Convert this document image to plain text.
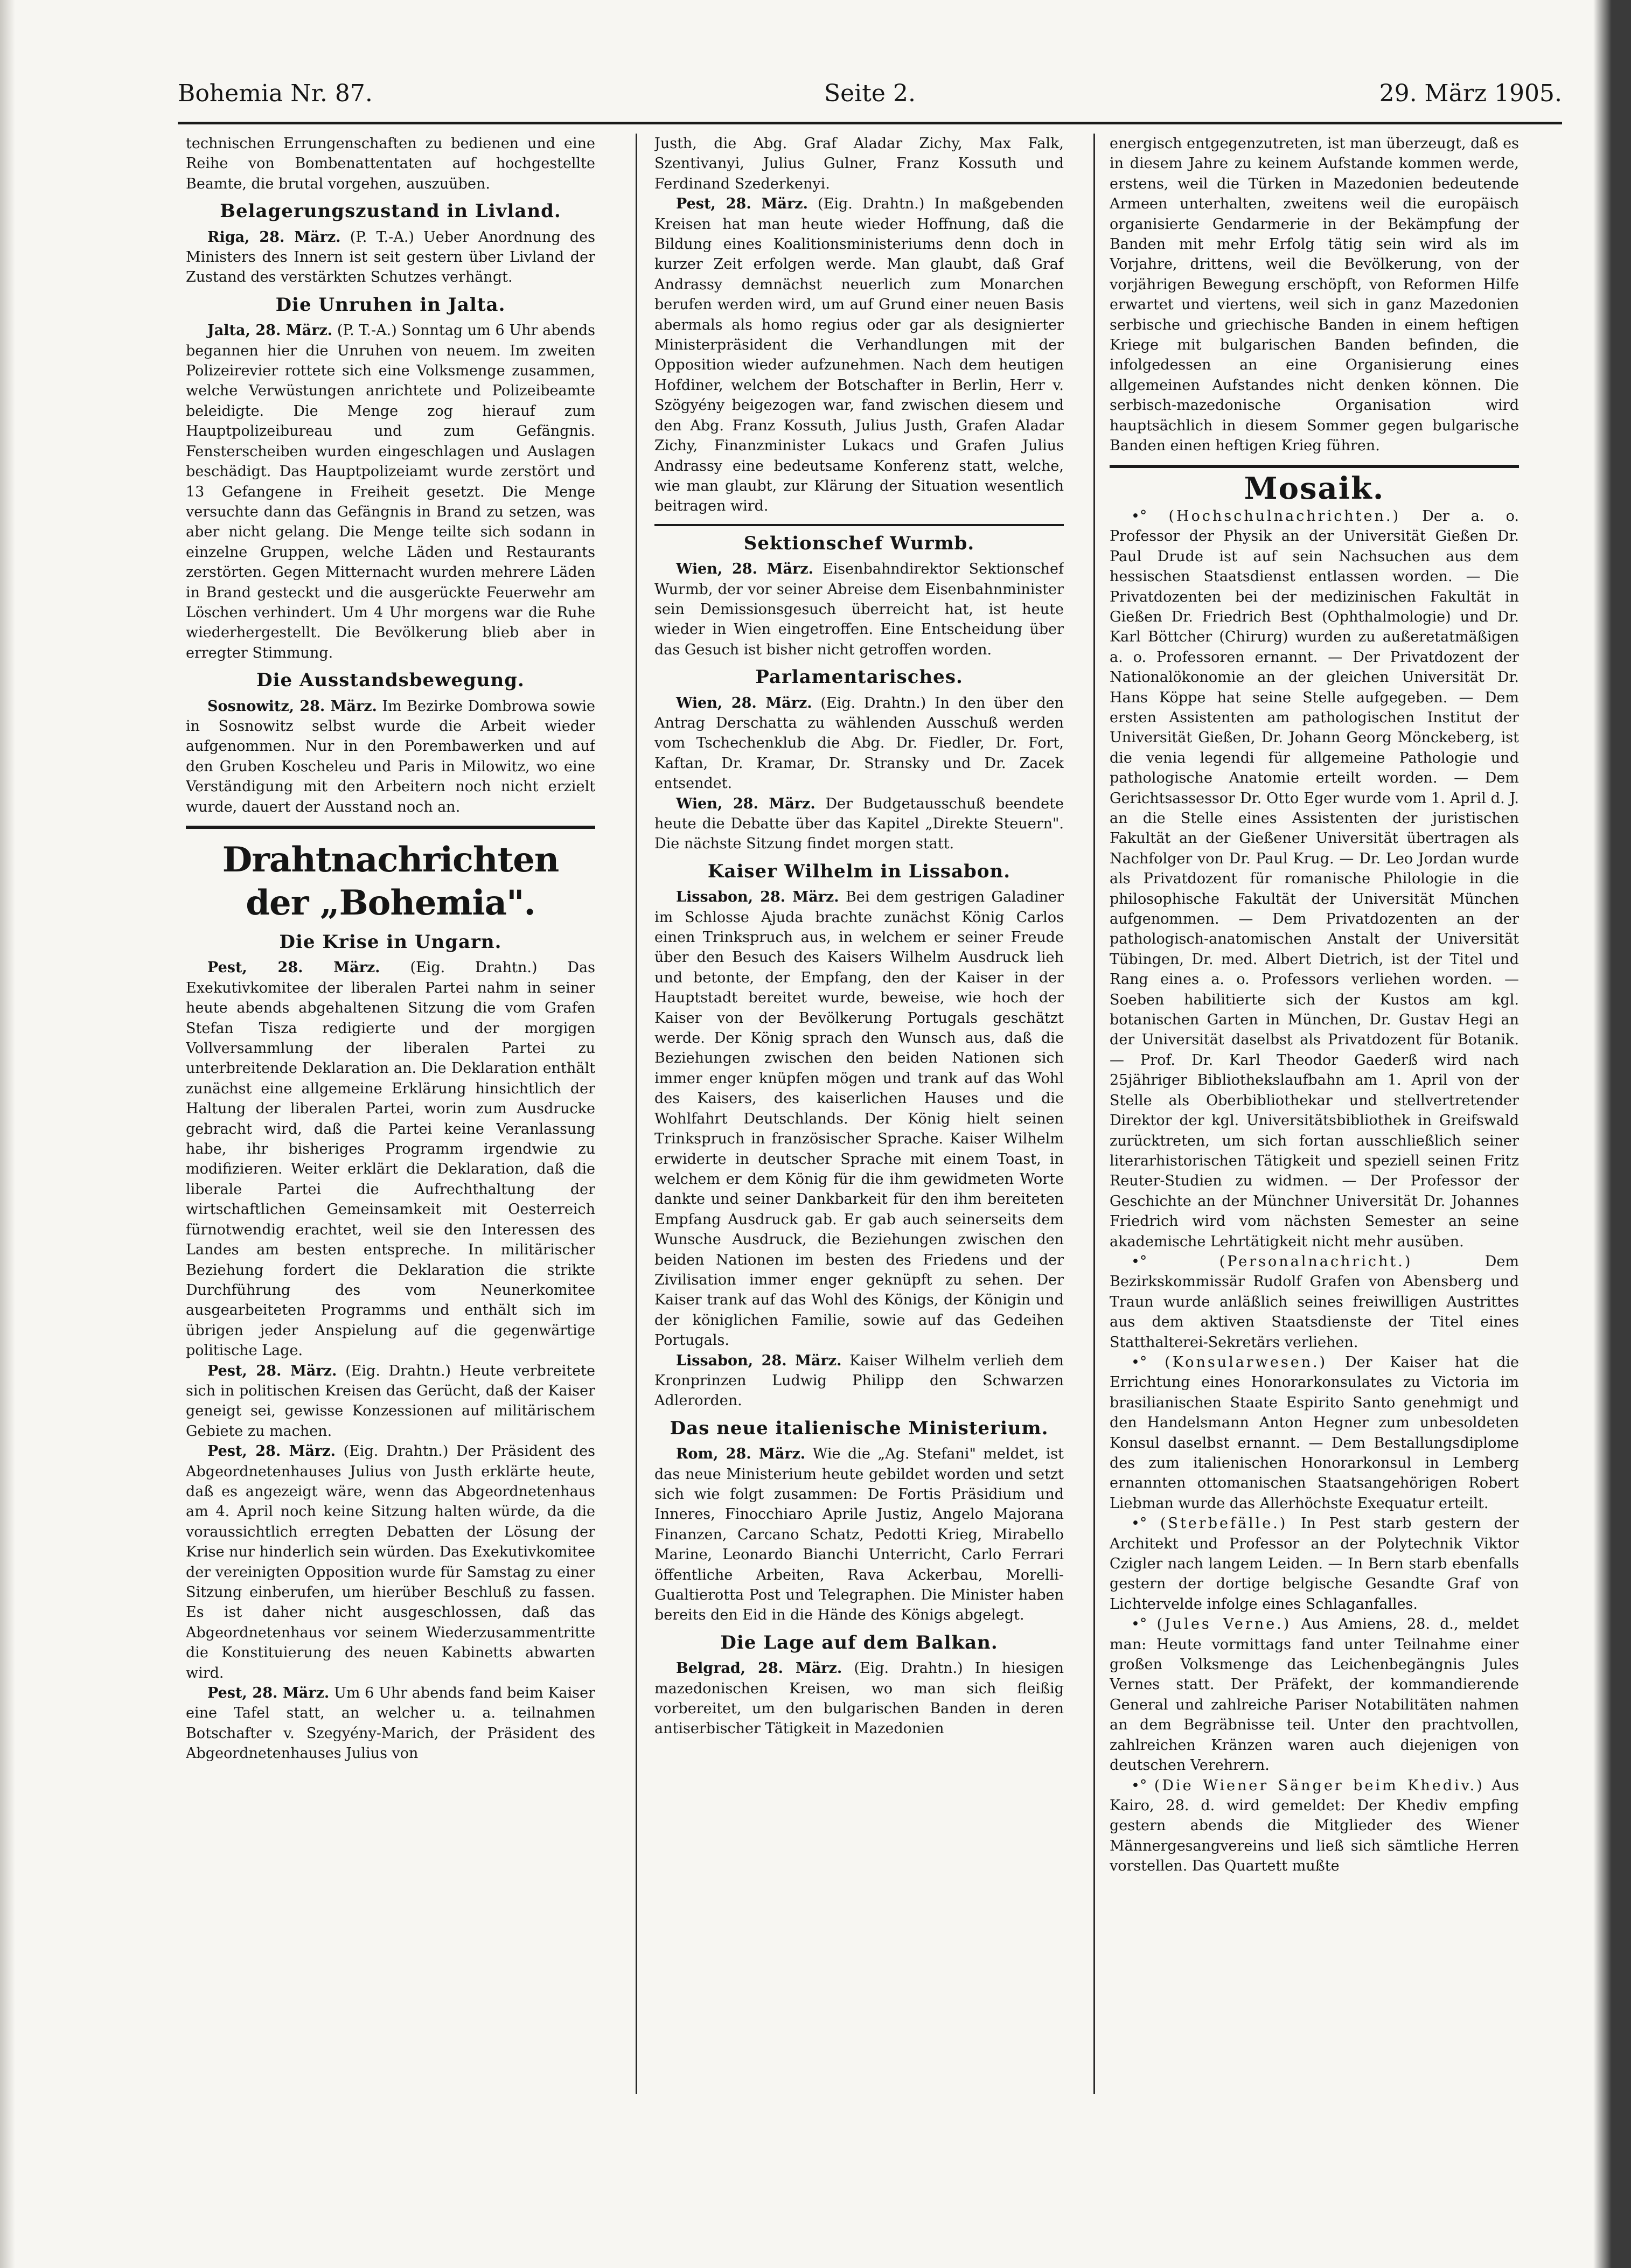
Bohemia Nr. 87.	Seite 2.	29. März 1905.

technischen Errungenschaften zu bedienen und eine Reihe von Bombenattentaten auf hochgestellte Beamte, die brutal vorgehen, auszuüben.

Belagerungszustand in Livland.

Riga, 28. März. (P. T.-A.) Ueber Anordnung des Ministers des Innern ist seit gestern über Livland der Zustand des verstärkten Schutzes verhängt.

Die Unruhen in Jalta.

Jalta, 28. März. (P. T.-A.) Sonntag um 6 Uhr abends begannen hier die Unruhen von neuem. Im zweiten Polizeirevier rottete sich eine Volksmenge zusammen, welche Verwüstungen anrichtete und Polizeibeamte beleidigte. Die Menge zog hierauf zum Hauptpolizeibureau und zum Gefängnis. Fensterscheiben wurden eingeschlagen und Auslagen beschädigt. Das Hauptpolizeiamt wurde zerstört und 13 Gefangene in Freiheit gesetzt. Die Menge versuchte dann das Gefängnis in Brand zu setzen, was aber nicht gelang. Die Menge teilte sich sodann in einzelne Gruppen, welche Läden und Restaurants zerstörten. Gegen Mitternacht wurden mehrere Läden in Brand gesteckt und die ausgerückte Feuerwehr am Löschen verhindert. Um 4 Uhr morgens war die Ruhe wiederhergestellt. Die Bevölkerung blieb aber in erregter Stimmung.

Die Ausstandsbewegung.

Sosnowitz, 28. März. Im Bezirke Dombrowa sowie in Sosnowitz selbst wurde die Arbeit wieder aufgenommen. Nur in den Porembawerken und auf den Gruben Koscheleu und Paris in Milowitz, wo eine Verständigung mit den Arbeitern noch nicht erzielt wurde, dauert der Ausstand noch an.

Drahtnachrichten der „Bohemia".
Die Krise in Ungarn.

Pest, 28. März. (Eig. Drahtn.) Das Exekutivkomitee der liberalen Partei nahm in seiner heute abends abgehaltenen Sitzung die vom Grafen Stefan Tisza redigierte und der morgigen Vollversammlung der liberalen Partei zu unterbreitende Deklaration an. Die Deklaration enthält zunächst eine allgemeine Erklärung hinsichtlich der Haltung der liberalen Partei, worin zum Ausdrucke gebracht wird, daß die Partei keine Veranlassung habe, ihr bisheriges Programm irgendwie zu modifizieren. Weiter erklärt die Deklaration, daß die liberale Partei die Aufrechthaltung der wirtschaftlichen Gemeinsamkeit mit Oesterreich fürnotwendig erachtet, weil sie den Interessen des Landes am besten entspreche. In militärischer Beziehung fordert die Deklaration die strikte Durchführung des vom Neunerkomitee ausgearbeiteten Programms und enthält sich im übrigen jeder Anspielung auf die gegenwärtige politische Lage.

Pest, 28. März. (Eig. Drahtn.) Heute verbreitete sich in politischen Kreisen das Gerücht, daß der Kaiser geneigt sei, gewisse Konzessionen auf militärischem Gebiete zu machen.

Pest, 28. März. (Eig. Drahtn.) Der Präsident des Abgeordnetenhauses Julius von Justh erklärte heute, daß es angezeigt wäre, wenn das Abgeordnetenhaus am 4. April noch keine Sitzung halten würde, da die voraussichtlich erregten Debatten der Lösung der Krise nur hinderlich sein würden. Das Exekutivkomitee der vereinigten Opposition wurde für Samstag zu einer Sitzung einberufen, um hierüber Beschluß zu fassen. Es ist daher nicht ausgeschlossen, daß das Abgeordnetenhaus vor seinem Wiederzusammentritte die Konstituierung des neuen Kabinetts abwarten wird.

Pest, 28. März. Um 6 Uhr abends fand beim Kaiser eine Tafel statt, an welcher u. a. teilnahmen Botschafter v. Szegyény-Marich, der Präsident des Abgeordnetenhauses Julius von

Justh, die Abg. Graf Aladar Zichy, Max Falk, Szentivanyi, Julius Gulner, Franz Kossuth und Ferdinand Szederkenyi.

Pest, 28. März. (Eig. Drahtn.) In maßgebenden Kreisen hat man heute wieder Hoffnung, daß die Bildung eines Koalitionsministeriums denn doch in kurzer Zeit erfolgen werde. Man glaubt, daß Graf Andrassy demnächst neuerlich zum Monarchen berufen werden wird, um auf Grund einer neuen Basis abermals als homo regius oder gar als designierter Ministerpräsident die Verhandlungen mit der Opposition wieder aufzunehmen. Nach dem heutigen Hofdiner, welchem der Botschafter in Berlin, Herr v. Szögyény beigezogen war, fand zwischen diesem und den Abg. Franz Kossuth, Julius Justh, Grafen Aladar Zichy, Finanzminister Lukacs und Grafen Julius Andrassy eine bedeutsame Konferenz statt, welche, wie man glaubt, zur Klärung der Situation wesentlich beitragen wird.

Sektionschef Wurmb.

Wien, 28. März. Eisenbahndirektor Sektionschef Wurmb, der vor seiner Abreise dem Eisenbahnminister sein Demissionsgesuch überreicht hat, ist heute wieder in Wien eingetroffen. Eine Entscheidung über das Gesuch ist bisher nicht getroffen worden.

Parlamentarisches.

Wien, 28. März. (Eig. Drahtn.) In den über den Antrag Derschatta zu wählenden Ausschuß werden vom Tschechenklub die Abg. Dr. Fiedler, Dr. Fort, Kaftan, Dr. Kramar, Dr. Stransky und Dr. Zacek entsendet.

Wien, 28. März. Der Budgetausschuß beendete heute die Debatte über das Kapitel „Direkte Steuern". Die nächste Sitzung findet morgen statt.

Kaiser Wilhelm in Lissabon.

Lissabon, 28. März. Bei dem gestrigen Galadiner im Schlosse Ajuda brachte zunächst König Carlos einen Trinkspruch aus, in welchem er seiner Freude über den Besuch des Kaisers Wilhelm Ausdruck lieh und betonte, der Empfang, den der Kaiser in der Hauptstadt bereitet wurde, beweise, wie hoch der Kaiser von der Bevölkerung Portugals geschätzt werde. Der König sprach den Wunsch aus, daß die Beziehungen zwischen den beiden Nationen sich immer enger knüpfen mögen und trank auf das Wohl des Kaisers, des kaiserlichen Hauses und die Wohlfahrt Deutschlands. Der König hielt seinen Trinkspruch in französischer Sprache. Kaiser Wilhelm erwiderte in deutscher Sprache mit einem Toast, in welchem er dem König für die ihm gewidmeten Worte dankte und seiner Dankbarkeit für den ihm bereiteten Empfang Ausdruck gab. Er gab auch seinerseits dem Wunsche Ausdruck, die Beziehungen zwischen den beiden Nationen im besten des Friedens und der Zivilisation immer enger geknüpft zu sehen. Der Kaiser trank auf das Wohl des Königs, der Königin und der königlichen Familie, sowie auf das Gedeihen Portugals.

Lissabon, 28. März. Kaiser Wilhelm verlieh dem Kronprinzen Ludwig Philipp den Schwarzen Adlerorden.

Das neue italienische Ministerium.

Rom, 28. März. Wie die „Ag. Stefani" meldet, ist das neue Ministerium heute gebildet worden und setzt sich wie folgt zusammen: De Fortis Präsidium und Inneres, Finocchiaro Aprile Justiz, Angelo Majorana Finanzen, Carcano Schatz, Pedotti Krieg, Mirabello Marine, Leonardo Bianchi Unterricht, Carlo Ferrari öffentliche Arbeiten, Rava Ackerbau, Morelli-Gualtierotta Post und Telegraphen. Die Minister haben bereits den Eid in die Hände des Königs abgelegt.

Die Lage auf dem Balkan.

Belgrad, 28. März. (Eig. Drahtn.) In hiesigen mazedonischen Kreisen, wo man sich fleißig vorbereitet, um den bulgarischen Banden in deren antiserbischer Tätigkeit in Mazedonien

energisch entgegenzutreten, ist man überzeugt, daß es in diesem Jahre zu keinem Aufstande kommen werde, erstens, weil die Türken in Mazedonien bedeutende Armeen unterhalten, zweitens weil die europäisch organisierte Gendarmerie in der Bekämpfung der Banden mit mehr Erfolg tätig sein wird als im Vorjahre, drittens, weil die Bevölkerung, von der vorjährigen Bewegung erschöpft, von Reformen Hilfe erwartet und viertens, weil sich in ganz Mazedonien serbische und griechische Banden in einem heftigen Kriege mit bulgarischen Banden befinden, die infolgedessen an eine Organisierung eines allgemeinen Aufstandes nicht denken können. Die serbisch-mazedonische Organisation wird hauptsächlich in diesem Sommer gegen bulgarische Banden einen heftigen Krieg führen.

Mosaik.

•° (Hochschulnachrichten.) Der a. o. Professor der Physik an der Universität Gießen Dr. Paul Drude ist auf sein Nachsuchen aus dem hessischen Staatsdienst entlassen worden. — Die Privatdozenten bei der medizinischen Fakultät in Gießen Dr. Friedrich Best (Ophthalmologie) und Dr. Karl Böttcher (Chirurg) wurden zu außeretatmäßigen a. o. Professoren ernannt. — Der Privatdozent der Nationalökonomie an der gleichen Universität Dr. Hans Köppe hat seine Stelle aufgegeben. — Dem ersten Assistenten am pathologischen Institut der Universität Gießen, Dr. Johann Georg Mönckeberg, ist die venia legendi für allgemeine Pathologie und pathologische Anatomie erteilt worden. — Dem Gerichtsassessor Dr. Otto Eger wurde vom 1. April d. J. an die Stelle eines Assistenten der juristischen Fakultät an der Gießener Universität übertragen als Nachfolger von Dr. Paul Krug. — Dr. Leo Jordan wurde als Privatdozent für romanische Philologie in die philosophische Fakultät der Universität München aufgenommen. — Dem Privatdozenten an der pathologisch-anatomischen Anstalt der Universität Tübingen, Dr. med. Albert Dietrich, ist der Titel und Rang eines a. o. Professors verliehen worden. — Soeben habilitierte sich der Kustos am kgl. botanischen Garten in München, Dr. Gustav Hegi an der Universität daselbst als Privatdozent für Botanik. — Prof. Dr. Karl Theodor Gaederß wird nach 25jähriger Bibliothekslaufbahn am 1. April von der Stelle als Oberbibliothekar und stellvertretender Direktor der kgl. Universitätsbibliothek in Greifswald zurücktreten, um sich fortan ausschließlich seiner literarhistorischen Tätigkeit und speziell seinen Fritz Reuter-Studien zu widmen. — Der Professor der Geschichte an der Münchner Universität Dr. Johannes Friedrich wird vom nächsten Semester an seine akademische Lehrtätigkeit nicht mehr ausüben.

•° (Personalnachricht.)	Dem Bezirkskommissär Rudolf Grafen von Abensberg und Traun wurde anläßlich seines freiwilligen Austrittes aus dem aktiven Staatsdienste der Titel eines Statthalterei-Sekretärs verliehen.

•° (Konsularwesen.) Der Kaiser hat die Errichtung eines Honorarkonsulates zu Victoria im brasilianischen Staate Espirito Santo genehmigt und den Handelsmann Anton Hegner zum unbesoldeten Konsul daselbst ernannt. — Dem Bestallungsdiplome des zum italienischen Honorarkonsul in Lemberg ernannten ottomanischen Staatsangehörigen Robert Liebman wurde das Allerhöchste Exequatur erteilt.

•° (Sterbefälle.) In Pest starb gestern der Architekt und Professor an der Polytechnik Viktor Czigler nach langem Leiden. — In Bern starb ebenfalls gestern der dortige belgische Gesandte Graf von Lichtervelde infolge eines Schlaganfalles.

•° (Jules Verne.) Aus Amiens, 28. d., meldet man: Heute vormittags fand unter Teilnahme einer großen Volksmenge das Leichenbegängnis Jules Vernes statt. Der Präfekt, der kommandierende General und zahlreiche Pariser Notabilitäten nahmen an dem Begräbnisse teil. Unter den prachtvollen, zahlreichen Kränzen waren auch diejenigen von deutschen Verehrern.

•° (Die Wiener Sänger beim Khediv.) Aus Kairo, 28. d. wird gemeldet: Der Khediv empfing gestern abends die Mitglieder des Wiener Männergesangvereins und ließ sich sämtliche Herren vorstellen. Das Quartett mußte
